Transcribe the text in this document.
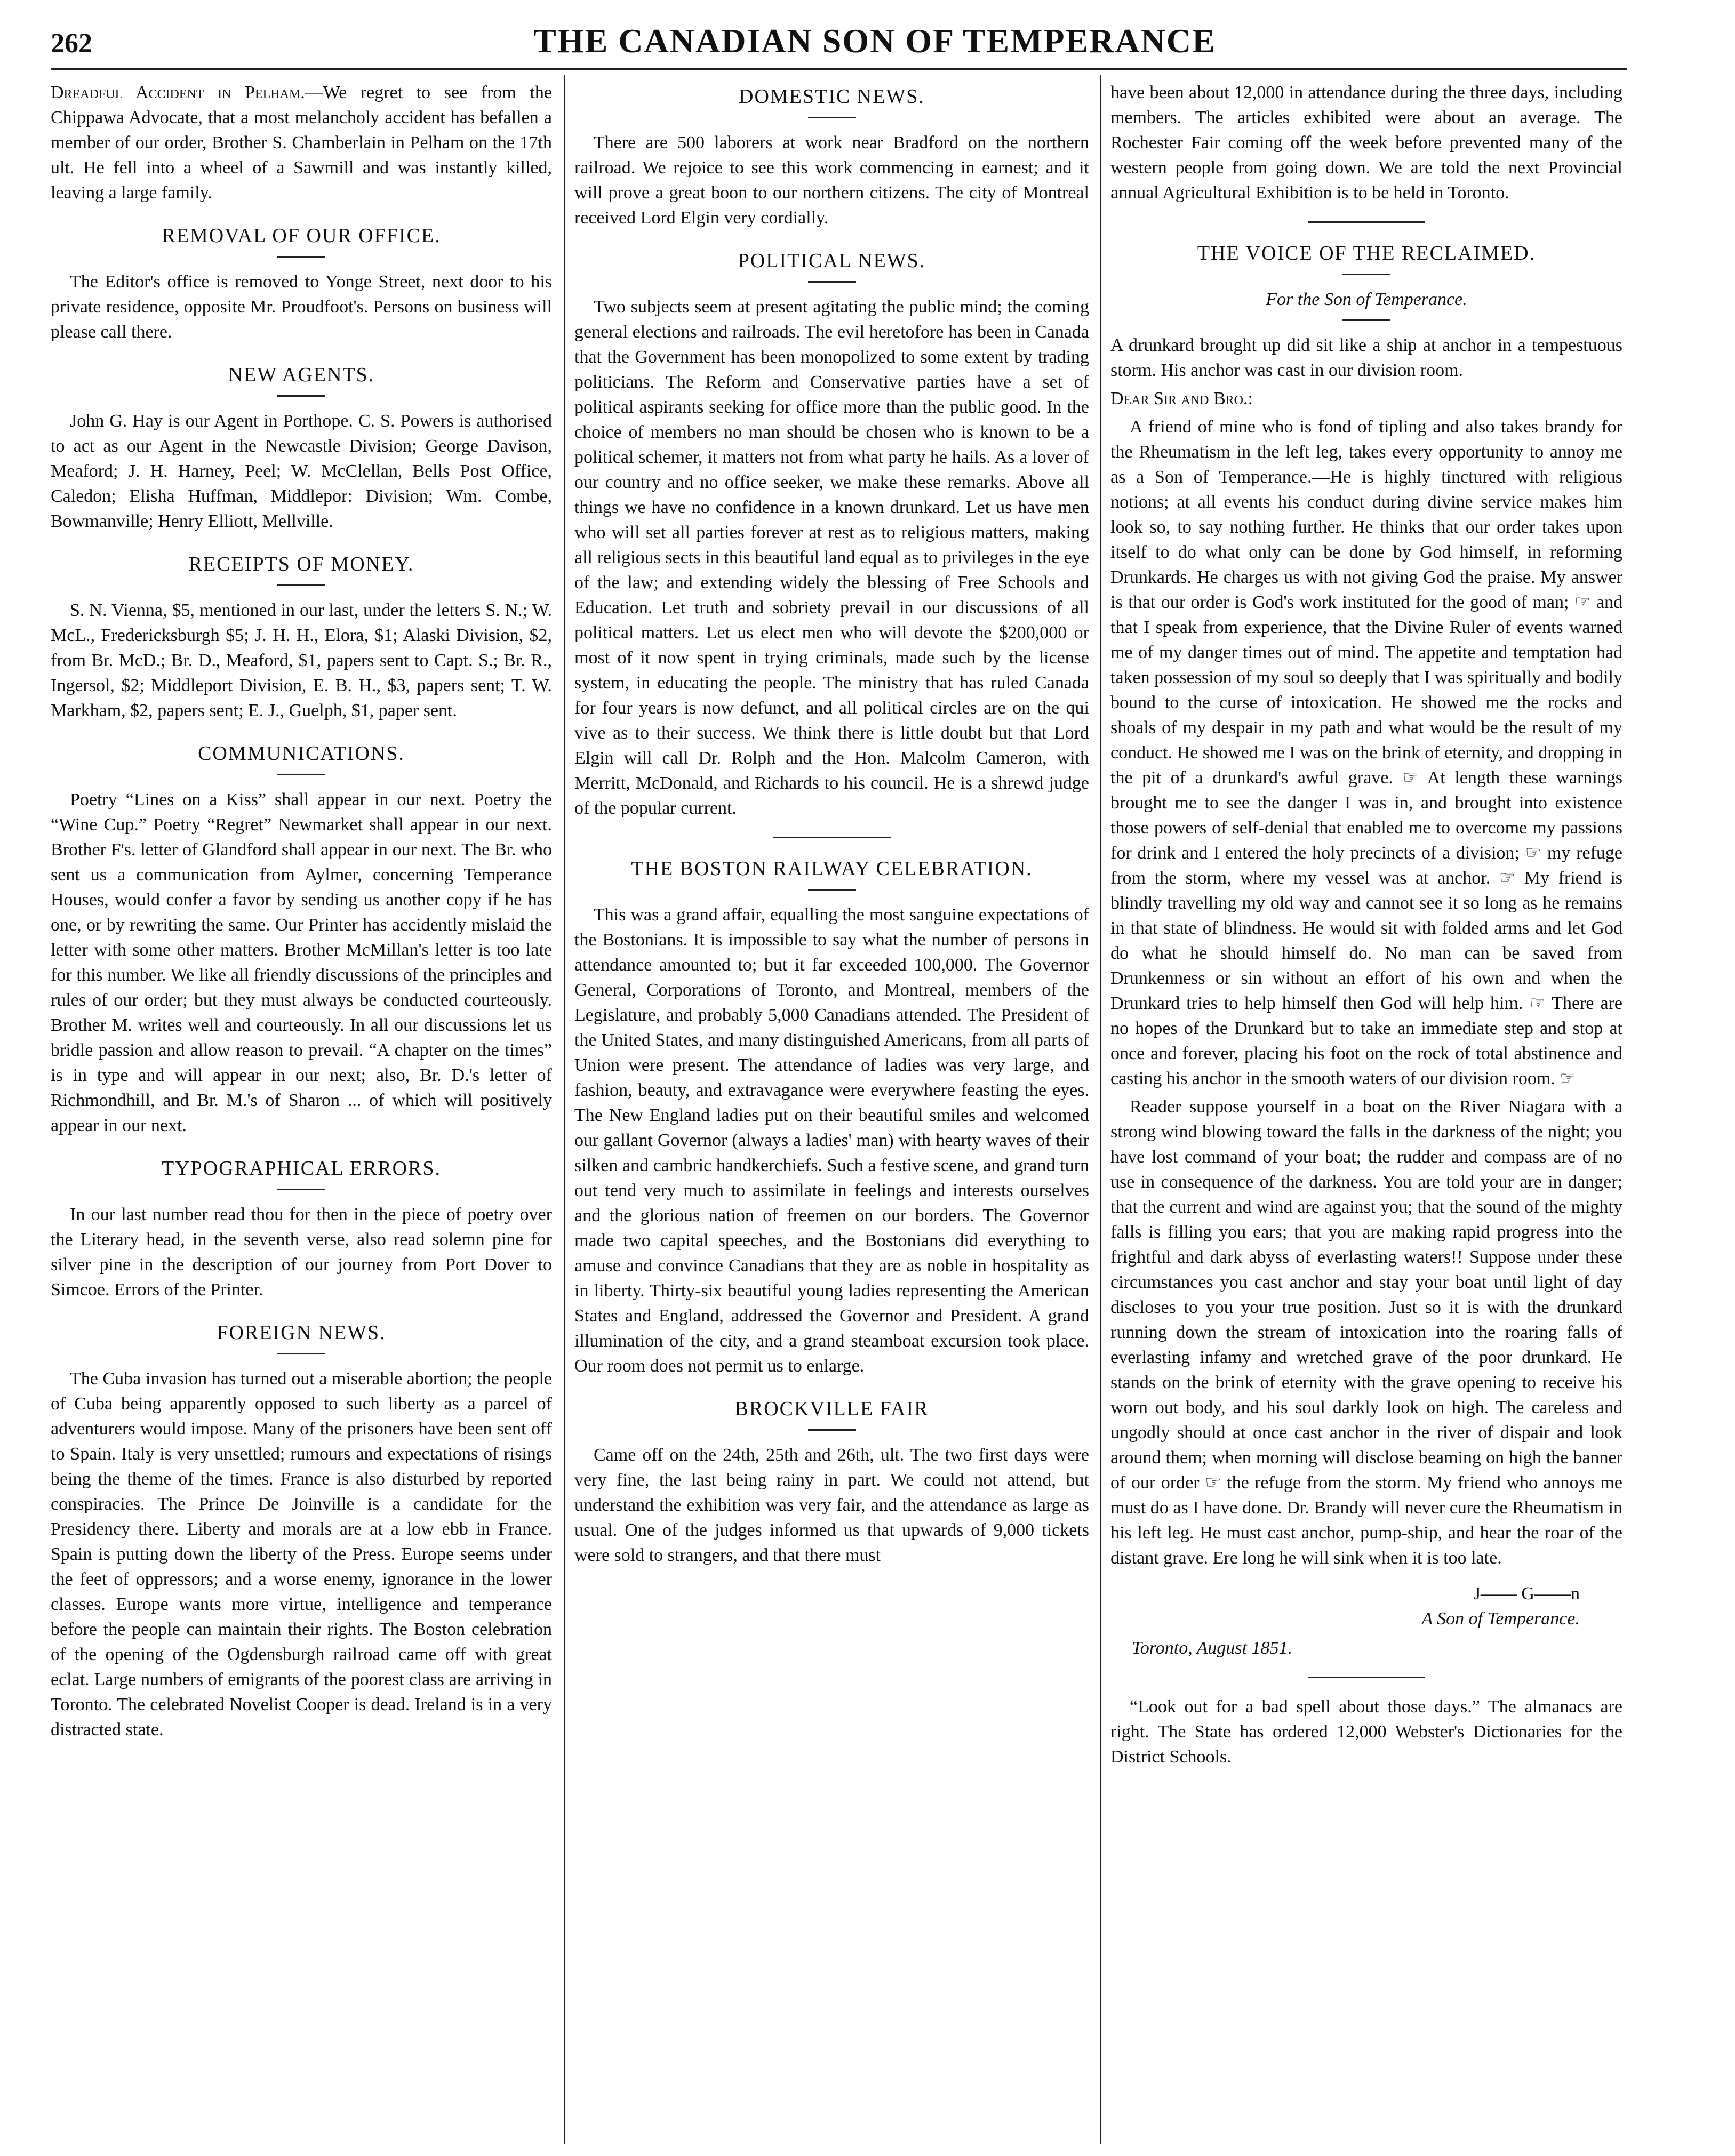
262	THE CANADIAN SON OF TEMPERANCE

Dreadful Accident in Pelham.—We regret to see from the Chippawa Advocate, that a most melancholy accident has befallen a member of our order, Brother S. Chamberlain in Pelham on the 17th ult. He fell into a wheel of a Sawmill and was instantly killed, leaving a large family.

REMOVAL OF OUR OFFICE.

The Editor's office is removed to Yonge Street, next door to his private residence, opposite Mr. Proudfoot's. Persons on business will please call there.

NEW AGENTS.

John G. Hay is our Agent in Porthope. C. S. Powers is authorised to act as our Agent in the Newcastle Division; George Davison, Meaford; J. H. Harney, Peel; W. McClellan, Bells Post Office, Caledon; Elisha Huffman, Middlepor: Division; Wm. Combe, Bowmanville; Henry Elliott, Mellville.

RECEIPTS OF MONEY.

S. N. Vienna, $5, mentioned in our last, under the letters S. N.; W. McL., Fredericksburgh $5; J. H. H., Elora, $1; Alaski Division, $2, from Br. McD.; Br. D., Meaford, $1, papers sent to Capt. S.; Br. R., Ingersol, $2; Middleport Division, E. B. H., $3, papers sent; T. W. Markham, $2, papers sent; E. J., Guelph, $1, paper sent.

COMMUNICATIONS.

Poetry “Lines on a Kiss” shall appear in our next. Poetry the “Wine Cup.” Poetry “Regret” Newmarket shall appear in our next. Brother F's. letter of Glandford shall appear in our next. The Br. who sent us a communication from Aylmer, concerning Temperance Houses, would confer a favor by sending us another copy if he has one, or by rewriting the same. Our Printer has accidently mislaid the letter with some other matters. Brother McMillan's letter is too late for this number. We like all friendly discussions of the principles and rules of our order; but they must always be conducted courteously. Brother M. writes well and courteously. In all our discussions let us bridle passion and allow reason to prevail. “A chapter on the times” is in type and will appear in our next; also, Br. D.'s letter of Richmondhill, and Br. M.'s of Sharon ... of which will positively appear in our next.

TYPOGRAPHICAL ERRORS.

In our last number read thou for then in the piece of poetry over the Literary head, in the seventh verse, also read solemn pine for silver pine in the description of our journey from Port Dover to Simcoe. Errors of the Printer.

FOREIGN NEWS.

The Cuba invasion has turned out a miserable abortion; the people of Cuba being apparently opposed to such liberty as a parcel of adventurers would impose. Many of the prisoners have been sent off to Spain. Italy is very unsettled; rumours and expectations of risings being the theme of the times. France is also disturbed by reported conspiracies. The Prince De Joinville is a candidate for the Presidency there. Liberty and morals are at a low ebb in France. Spain is putting down the liberty of the Press. Europe seems under the feet of oppressors; and a worse enemy, ignorance in the lower classes. Europe wants more virtue, intelligence and temperance before the people can maintain their rights. The Boston celebration of the opening of the Ogdensburgh railroad came off with great eclat. Large numbers of emigrants of the poorest class are arriving in Toronto. The celebrated Novelist Cooper is dead. Ireland is in a very distracted state.

DOMESTIC NEWS.

There are 500 laborers at work near Bradford on the northern railroad. We rejoice to see this work commencing in earnest; and it will prove a great boon to our northern citizens. The city of Montreal received Lord Elgin very cordially.

POLITICAL NEWS.

Two subjects seem at present agitating the public mind; the coming general elections and railroads. The evil heretofore has been in Canada that the Government has been monopolized to some extent by trading politicians. The Reform and Conservative parties have a set of political aspirants seeking for office more than the public good. In the choice of members no man should be chosen who is known to be a political schemer, it matters not from what party he hails. As a lover of our country and no office seeker, we make these remarks. Above all things we have no confidence in a known drunkard. Let us have men who will set all parties forever at rest as to religious matters, making all religious sects in this beautiful land equal as to privileges in the eye of the law; and extending widely the blessing of Free Schools and Education. Let truth and sobriety prevail in our discussions of all political matters. Let us elect men who will devote the $200,000 or most of it now spent in trying criminals, made such by the license system, in educating the people. The ministry that has ruled Canada for four years is now defunct, and all political circles are on the qui vive as to their success. We think there is little doubt but that Lord Elgin will call Dr. Rolph and the Hon. Malcolm Cameron, with Merritt, McDonald, and Richards to his council. He is a shrewd judge of the popular current.

THE BOSTON RAILWAY CELEBRATION.

This was a grand affair, equalling the most sanguine expectations of the Bostonians. It is impossible to say what the number of persons in attendance amounted to; but it far exceeded 100,000. The Governor General, Corporations of Toronto, and Montreal, members of the Legislature, and probably 5,000 Canadians attended. The President of the United States, and many distinguished Americans, from all parts of Union were present. The attendance of ladies was very large, and fashion, beauty, and extravagance were everywhere feasting the eyes. The New England ladies put on their beautiful smiles and welcomed our gallant Governor (always a ladies' man) with hearty waves of their silken and cambric handkerchiefs. Such a festive scene, and grand turn out tend very much to assimilate in feelings and interests ourselves and the glorious nation of freemen on our borders. The Governor made two capital speeches, and the Bostonians did everything to amuse and convince Canadians that they are as noble in hospitality as in liberty. Thirty-six beautiful young ladies representing the American States and England, addressed the Governor and President. A grand illumination of the city, and a grand steamboat excursion took place. Our room does not permit us to enlarge.

BROCKVILLE FAIR

Came off on the 24th, 25th and 26th, ult. The two first days were very fine, the last being rainy in part. We could not attend, but understand the exhibition was very fair, and the attendance as large as usual. One of the judges informed us that upwards of 9,000 tickets were sold to strangers, and that there must

have been about 12,000 in attendance during the three days, including members. The articles exhibited were about an average. The Rochester Fair coming off the week before prevented many of the western people from going down. We are told the next Provincial annual Agricultural Exhibition is to be held in Toronto.

THE VOICE OF THE RECLAIMED.
For the Son of Temperance.

A drunkard brought up did sit like a ship at anchor in a tempestuous storm. His anchor was cast in our division room.

Dear Sir and Bro.:

A friend of mine who is fond of tipling and also takes brandy for the Rheumatism in the left leg, takes every opportunity to annoy me as a Son of Temperance.—He is highly tinctured with religious notions; at all events his conduct during divine service makes him look so, to say nothing further. He thinks that our order takes upon itself to do what only can be done by God himself, in reforming Drunkards. He charges us with not giving God the praise. My answer is that our order is God's work instituted for the good of man; ☞ and that I speak from experience, that the Divine Ruler of events warned me of my danger times out of mind. The appetite and temptation had taken possession of my soul so deeply that I was spiritually and bodily bound to the curse of intoxication. He showed me the rocks and shoals of my despair in my path and what would be the result of my conduct. He showed me I was on the brink of eternity, and dropping in the pit of a drunkard's awful grave. ☞ At length these warnings brought me to see the danger I was in, and brought into existence those powers of self-denial that enabled me to overcome my passions for drink and I entered the holy precincts of a division; ☞ my refuge from the storm, where my vessel was at anchor. ☞ My friend is blindly travelling my old way and cannot see it so long as he remains in that state of blindness. He would sit with folded arms and let God do what he should himself do. No man can be saved from Drunkenness or sin without an effort of his own and when the Drunkard tries to help himself then God will help him. ☞ There are no hopes of the Drunkard but to take an immediate step and stop at once and forever, placing his foot on the rock of total abstinence and casting his anchor in the smooth waters of our division room. ☞

Reader suppose yourself in a boat on the River Niagara with a strong wind blowing toward the falls in the darkness of the night; you have lost command of your boat; the rudder and compass are of no use in consequence of the darkness. You are told your are in danger; that the current and wind are against you; that the sound of the mighty falls is filling you ears; that you are making rapid progress into the frightful and dark abyss of everlasting waters!! Suppose under these circumstances you cast anchor and stay your boat until light of day discloses to you your true position. Just so it is with the drunkard running down the stream of intoxication into the roaring falls of everlasting infamy and wretched grave of the poor drunkard. He stands on the brink of eternity with the grave opening to receive his worn out body, and his soul darkly look on high. The careless and ungodly should at once cast anchor in the river of dispair and look around them; when morning will disclose beaming on high the banner of our order ☞ the refuge from the storm. My friend who annoys me must do as I have done. Dr. Brandy will never cure the Rheumatism in his left leg. He must cast anchor, pump-ship, and hear the roar of the distant grave. Ere long he will sink when it is too late.

J—— G——n
A Son of Temperance.
Toronto, August 1851.

“Look out for a bad spell about those days.” The almanacs are right. The State has ordered 12,000 Webster's Dictionaries for the District Schools.
